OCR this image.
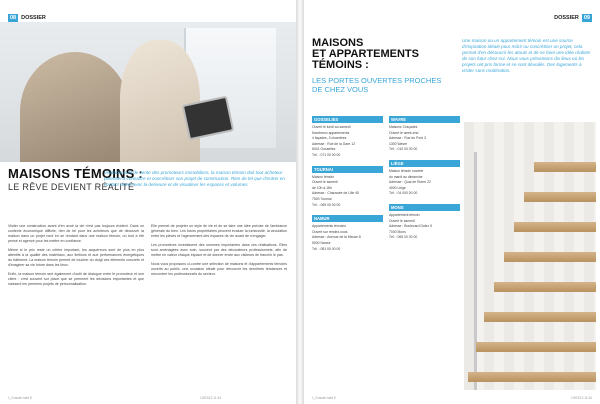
08 DOSSIER
MAISONS TÉMOINS :
LE RÊVE DEVIENT RÉALITÉ
Véritable outil de vente des promoteurs immobiliers, la maison témoin doit tout acheteur potentiel à connaître et concrétiser son projet de construction. Rien de tel que d'entrer en contact direct avec la demeure et de visualiser les espaces et volumes.

Visiter une construction avant d'en avoir la clé n'est pas toujours évident. Dans un contexte économique difficile, rien de tel pour les acheteurs que de découvrir la maison dans un projet neuf en se rendant dans une maison témoin, où tout a été pensé et agencé pour les mettre en confiance.

Même si le prix reste un critère important, les acquéreurs sont de plus en plus attentifs à la qualité des matériaux, aux finitions et aux performances énergétiques du bâtiment. La maison témoin permet de toucher du doigt ces éléments concrets et d'imaginer sa vie future dans les lieux.

Enfin, la maison témoin sert également d'outil de dialogue entre le promoteur et son client : c'est souvent sur place que se prennent les décisions importantes et que naissent les premiers projets de personnalisation.

Elle permet de projeter un style de vie et de se faire une idée précise de l'ambiance générale du bien. Les futurs propriétaires peuvent évaluer la luminosité, la circulation entre les pièces et l'agencement des espaces de vie avant de s'engager.

Les promoteurs investissent des sommes importantes dans ces réalisations. Elles sont aménagées avec soin, souvent par des décorateurs professionnels, afin de mettre en valeur chaque espace et de donner envie aux visiteurs de franchir le pas.

Nous vous proposons ci-contre une sélection de maisons et d'appartements témoins ouverts au public, une occasion idéale pour découvrir les dernières tendances et rencontrer les professionnels du secteur.

1_Dossier.indd 8	10/03/13 11:34
DOSSIER 09
MAISONS
ET APPARTEMENTS
TÉMOINS :
LES PORTES OUVERTES PROCHES DE CHEZ VOUS
Une maison ou un appartement témoin est une source d'inspiration idéale pour mûrir ou concrétiser un projet, cela permet d'en découvrir les atouts et de se faire une idée réaliste de son futur chez-soi. Nous vous présentons dix lieux où les projets ont pris forme et se sont dévoilés. Des logements à visiter sans modération.
GOSSELIES
Ouvert le lundi au samedi
Nombreux appartements
4 façades, 3 chambres
Adresse : Rue de la Gare 12
6041 Gosselies
Tél. : 071 00 00 00
TOURNAI
Maison témoin
Ouvert le samedi
de 10h à 18h
Adresse : Chaussée de Lille 45
7500 Tournai
Tél. : 069 00 00 00
NAMUR
Appartements témoins
Ouvert sur rendez-vous
Adresse : Avenue de la Meuse 8
5000 Namur
Tél. : 081 00 00 00
WAVRE
Maisons 3 façades
Ouvert le week-end
Adresse : Rue du Pont 3
1300 Wavre
Tél. : 010 00 00 00
LIÈGE
Maison témoin ouverte
du mardi au dimanche
Adresse : Quai de Rome 22
4000 Liège
Tél. : 04 000 00 00
MONS
Appartement témoin
Ouvert le samedi
Adresse : Boulevard Dolez 5
7000 Mons
Tél. : 065 00 00 00
1_Dossier.indd 9	10/03/13 11:34
